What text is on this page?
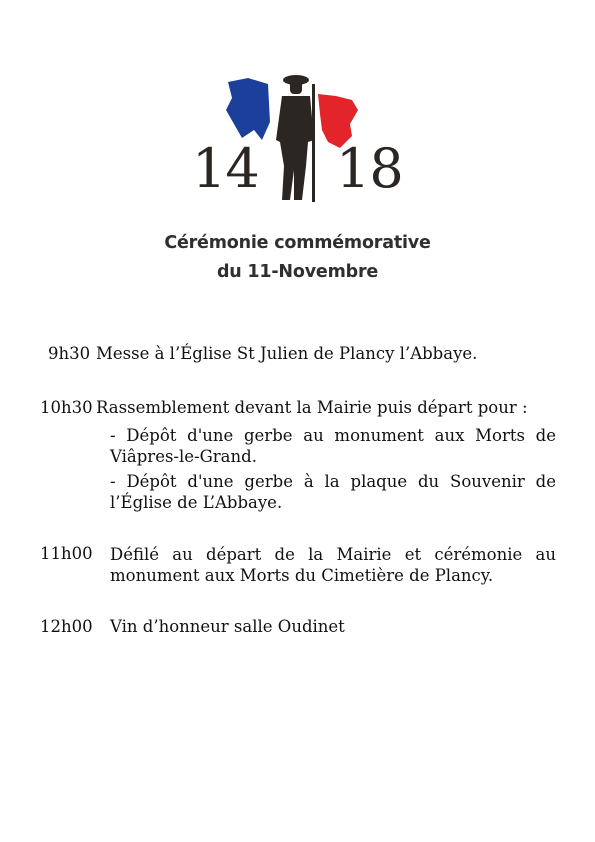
14 18
Cérémonie commémorative
du 11-Novembre
9h30 Messe à l’Église St Julien de Plancy l’Abbaye.
10h30 Rassemblement devant la Mairie puis départ pour :
- Dépôt d'une gerbe au monument aux Morts de Viâpres-le-Grand.
- Dépôt d'une gerbe à la plaque du Souvenir de l’Église de L’Abbaye.
11h00 Défilé au départ de la Mairie et cérémonie au monument aux Morts du Cimetière de Plancy.
12h00 Vin d’honneur salle Oudinet
